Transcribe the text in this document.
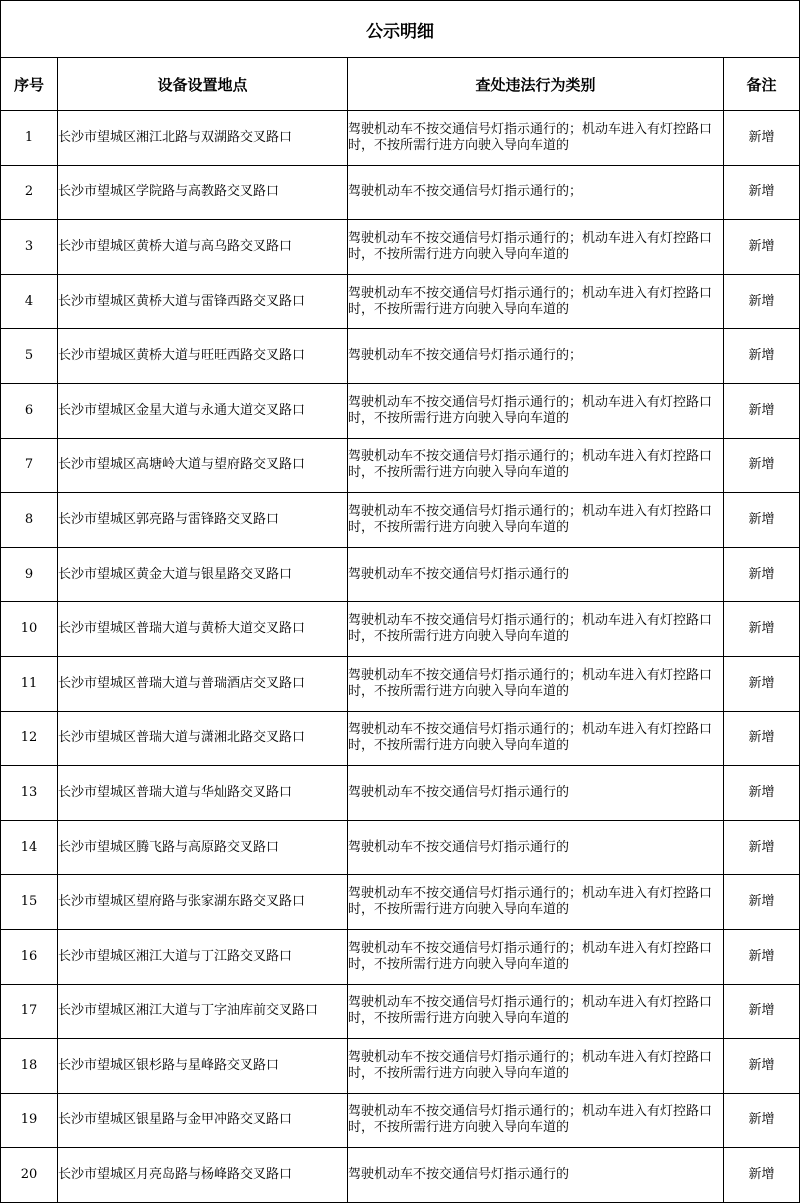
公示明细			
序号	设备设置地点	查处违法行为类别	备注
1	长沙市望城区湘江北路与双湖路交叉路口	驾驶机动车不按交通信号灯指示通行的；机动车进入有灯控路口时，不按所需行进方向驶入导向车道的	新增
2	长沙市望城区学院路与高教路交叉路口	驾驶机动车不按交通信号灯指示通行的；	新增
3	长沙市望城区黄桥大道与高乌路交叉路口	驾驶机动车不按交通信号灯指示通行的；机动车进入有灯控路口时，不按所需行进方向驶入导向车道的	新增
4	长沙市望城区黄桥大道与雷锋西路交叉路口	驾驶机动车不按交通信号灯指示通行的；机动车进入有灯控路口时，不按所需行进方向驶入导向车道的	新增
5	长沙市望城区黄桥大道与旺旺西路交叉路口	驾驶机动车不按交通信号灯指示通行的；	新增
6	长沙市望城区金星大道与永通大道交叉路口	驾驶机动车不按交通信号灯指示通行的；机动车进入有灯控路口时，不按所需行进方向驶入导向车道的	新增
7	长沙市望城区高塘岭大道与望府路交叉路口	驾驶机动车不按交通信号灯指示通行的；机动车进入有灯控路口时，不按所需行进方向驶入导向车道的	新增
8	长沙市望城区郭亮路与雷锋路交叉路口	驾驶机动车不按交通信号灯指示通行的；机动车进入有灯控路口时，不按所需行进方向驶入导向车道的	新增
9	长沙市望城区黄金大道与银星路交叉路口	驾驶机动车不按交通信号灯指示通行的	新增
10	长沙市望城区普瑞大道与黄桥大道交叉路口	驾驶机动车不按交通信号灯指示通行的；机动车进入有灯控路口时，不按所需行进方向驶入导向车道的	新增
11	长沙市望城区普瑞大道与普瑞酒店交叉路口	驾驶机动车不按交通信号灯指示通行的；机动车进入有灯控路口时，不按所需行进方向驶入导向车道的	新增
12	长沙市望城区普瑞大道与潇湘北路交叉路口	驾驶机动车不按交通信号灯指示通行的；机动车进入有灯控路口时，不按所需行进方向驶入导向车道的	新增
13	长沙市望城区普瑞大道与华灿路交叉路口	驾驶机动车不按交通信号灯指示通行的	新增
14	长沙市望城区腾飞路与高原路交叉路口	驾驶机动车不按交通信号灯指示通行的	新增
15	长沙市望城区望府路与张家湖东路交叉路口	驾驶机动车不按交通信号灯指示通行的；机动车进入有灯控路口时，不按所需行进方向驶入导向车道的	新增
16	长沙市望城区湘江大道与丁江路交叉路口	驾驶机动车不按交通信号灯指示通行的；机动车进入有灯控路口时，不按所需行进方向驶入导向车道的	新增
17	长沙市望城区湘江大道与丁字油库前交叉路口	驾驶机动车不按交通信号灯指示通行的；机动车进入有灯控路口时，不按所需行进方向驶入导向车道的	新增
18	长沙市望城区银杉路与星峰路交叉路口	驾驶机动车不按交通信号灯指示通行的；机动车进入有灯控路口时，不按所需行进方向驶入导向车道的	新增
19	长沙市望城区银星路与金甲冲路交叉路口	驾驶机动车不按交通信号灯指示通行的；机动车进入有灯控路口时，不按所需行进方向驶入导向车道的	新增
20	长沙市望城区月亮岛路与杨峰路交叉路口	驾驶机动车不按交通信号灯指示通行的	新增
